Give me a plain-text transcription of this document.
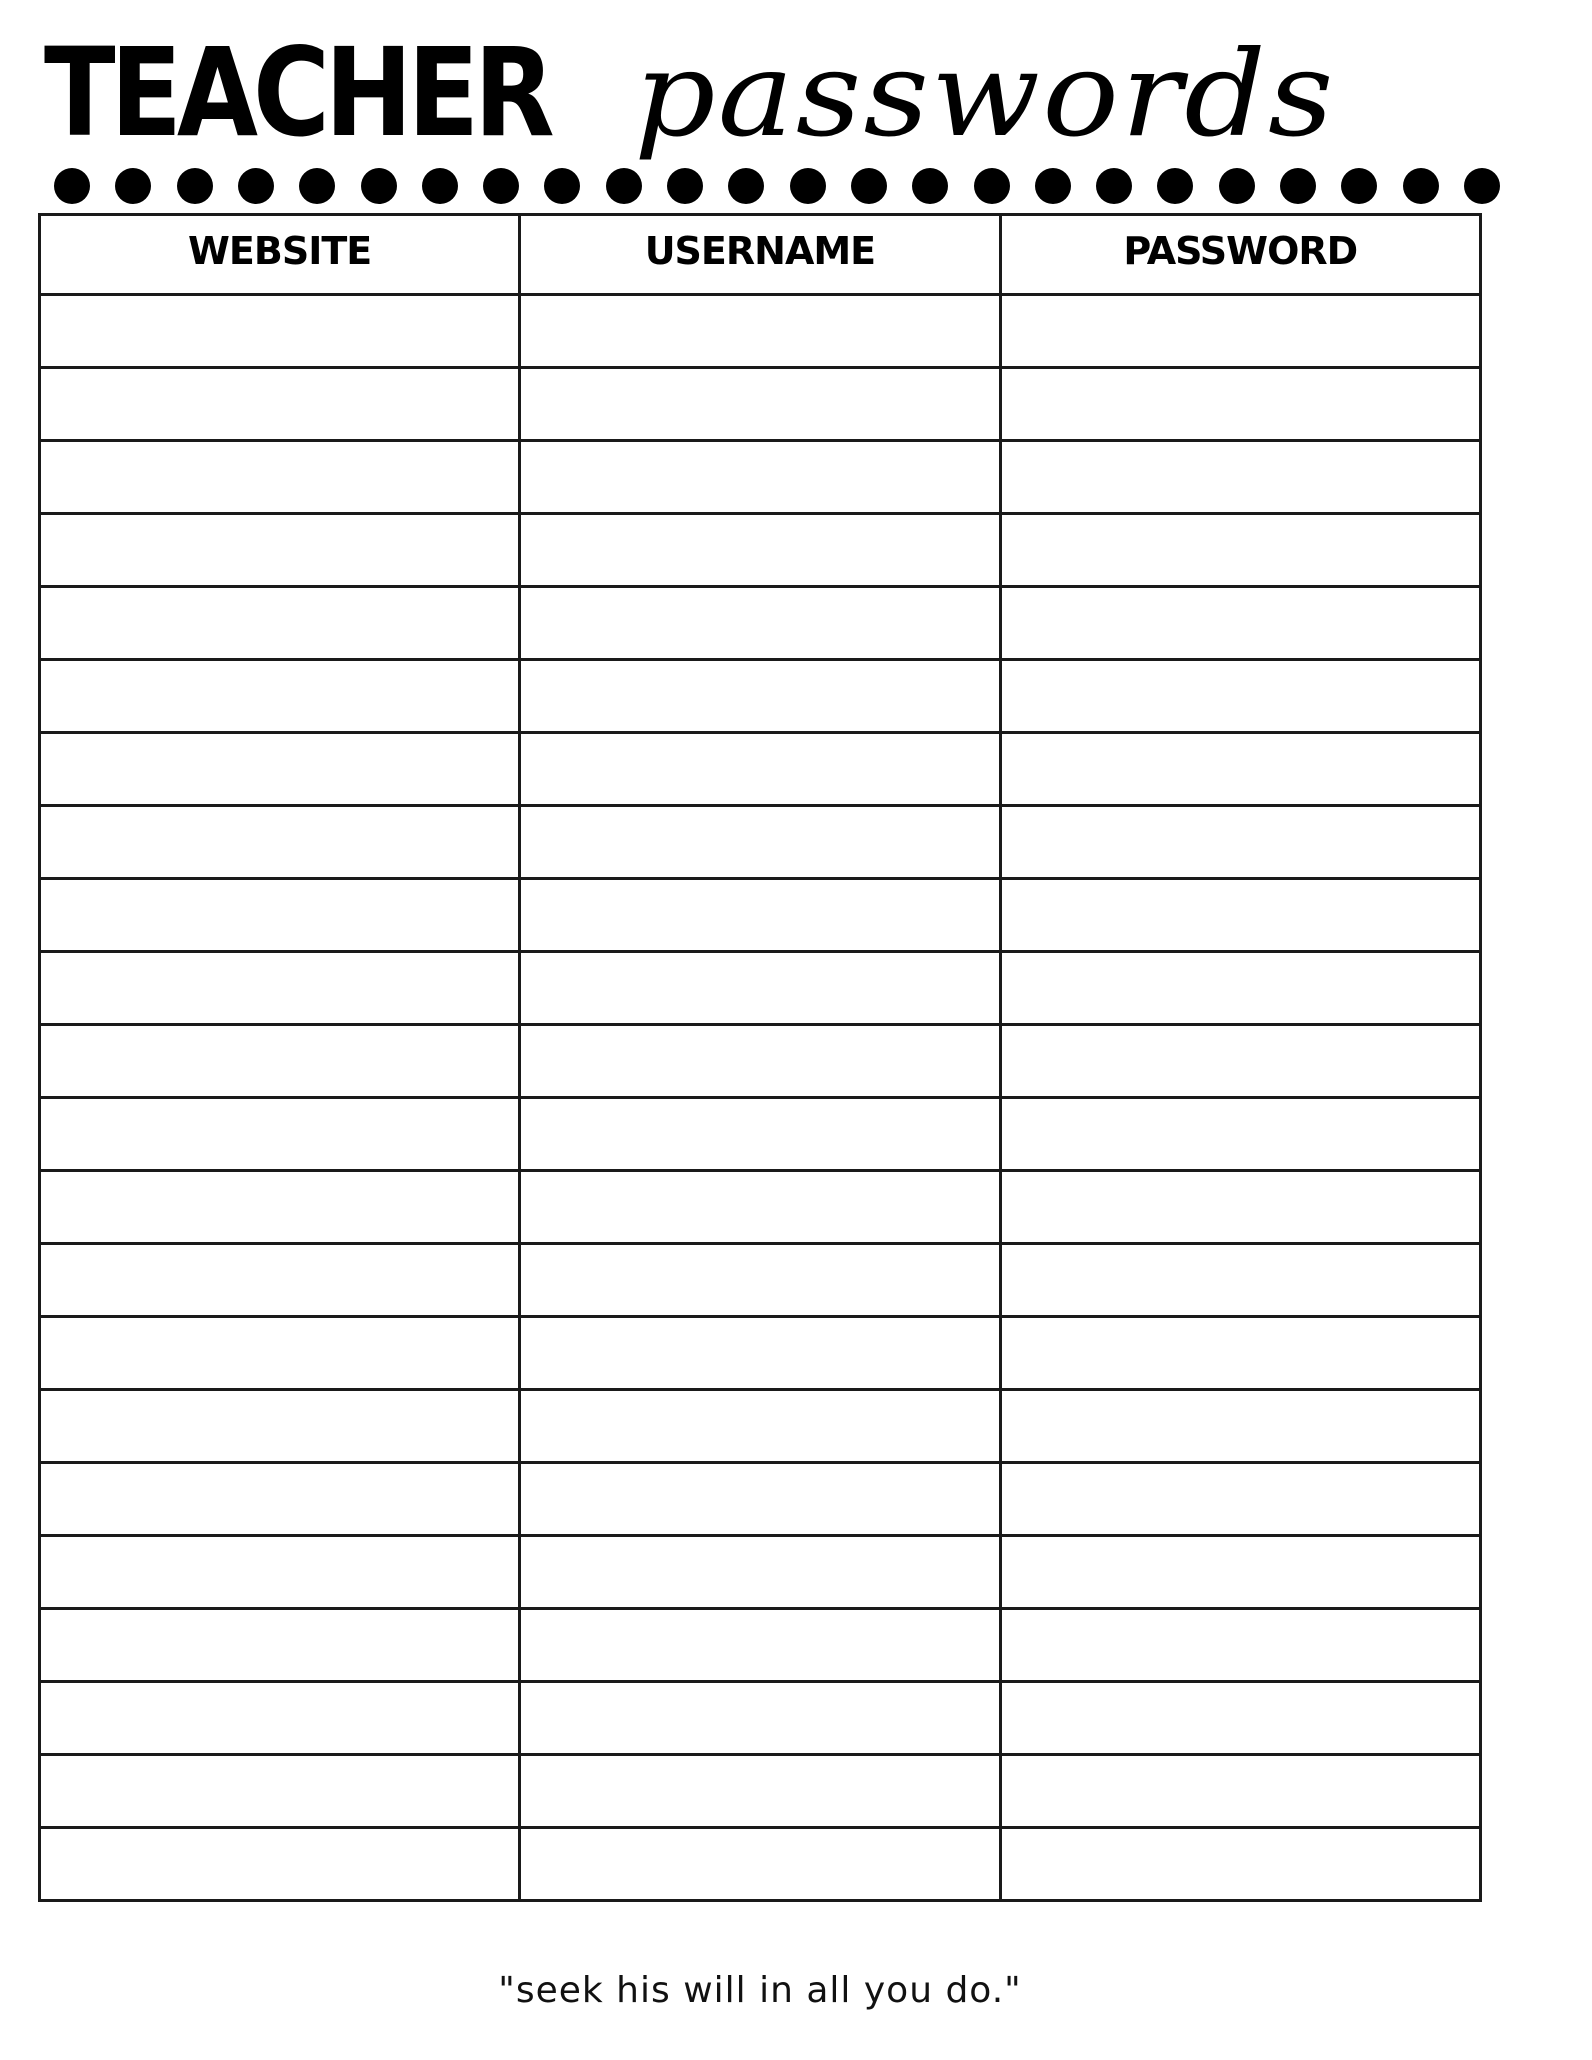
TEACHER passwords
WEBSITE	USERNAME	PASSWORD

"seek his will in all you do."
